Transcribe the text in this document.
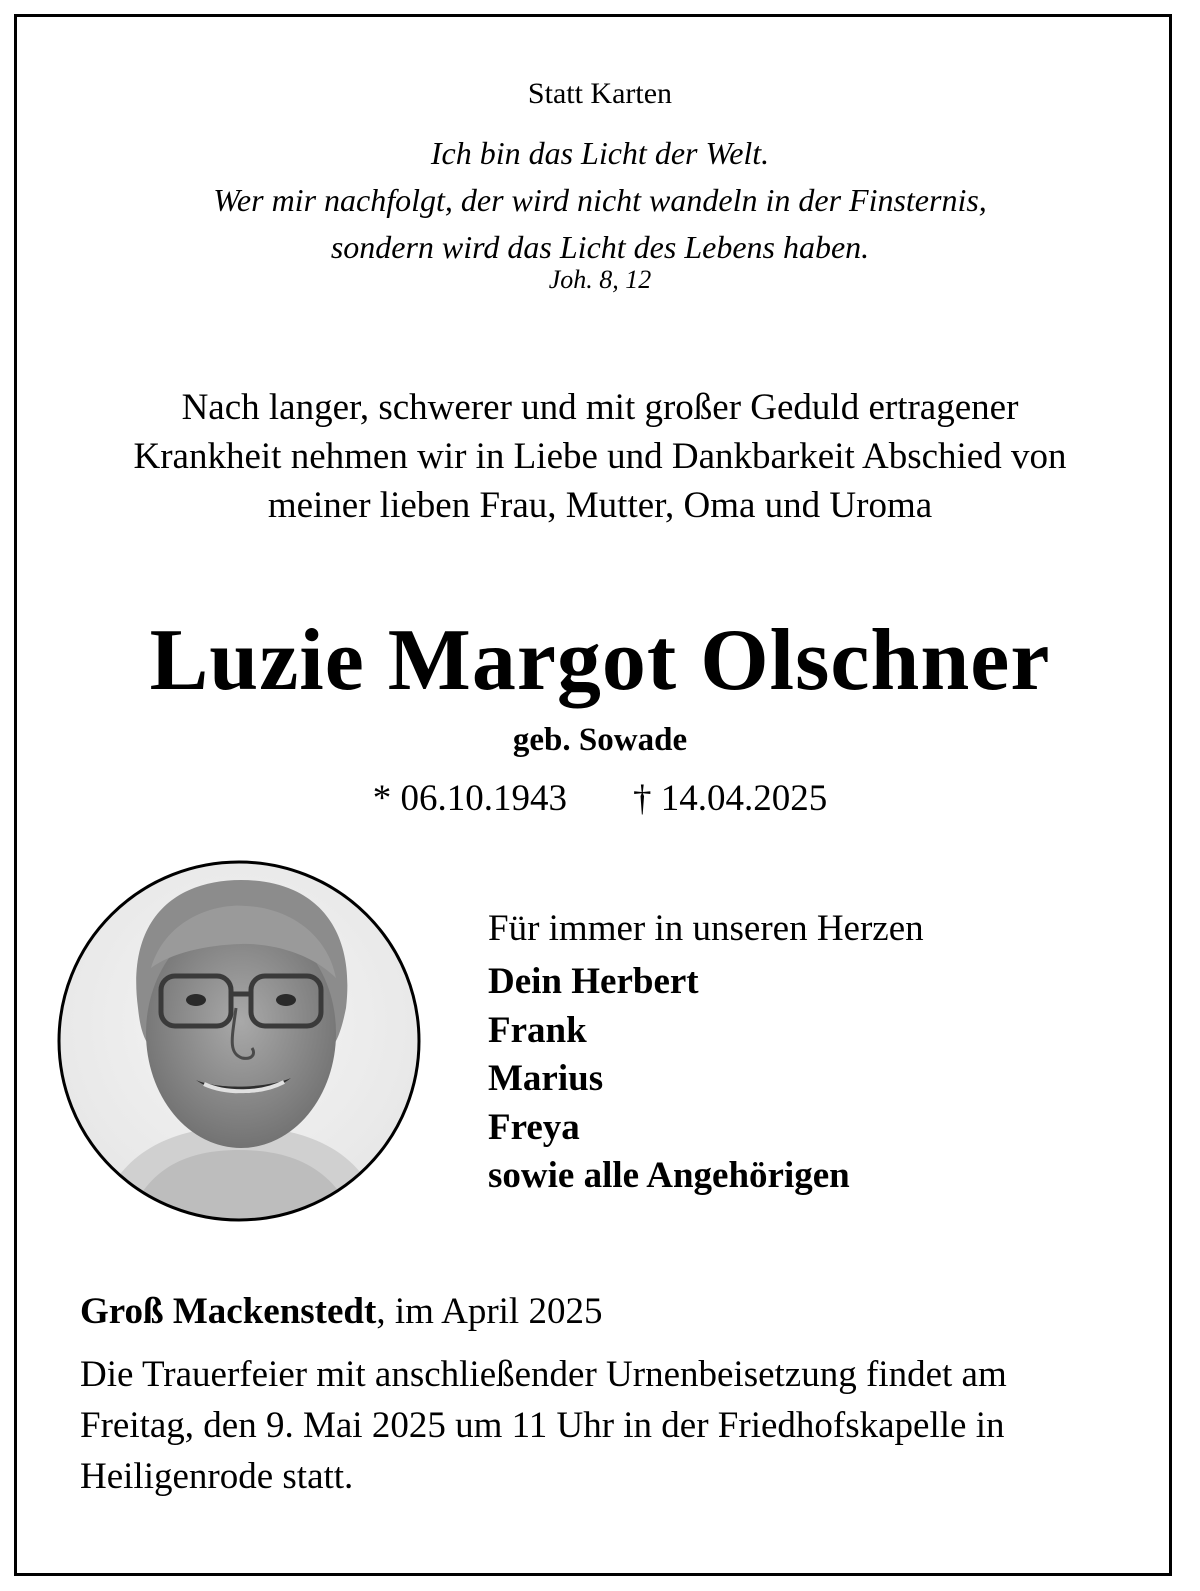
Statt Karten
Ich bin das Licht der Welt.
Wer mir nachfolgt, der wird nicht wandeln in der Finsternis,
sondern wird das Licht des Lebens haben.
Joh. 8, 12
Nach langer, schwerer und mit großer Geduld ertragener
Krankheit nehmen wir in Liebe und Dankbarkeit Abschied von
meiner lieben Frau, Mutter, Oma und Uroma
Luzie Margot Olschner
geb. Sowade
* 06.10.1943 † 14.04.2025
Für immer in unseren Herzen
Dein Herbert
Frank
Marius
Freya
sowie alle Angehörigen
Groß Mackenstedt, im April 2025
Die Trauerfeier mit anschließender Urnenbeisetzung findet am
Freitag, den 9. Mai 2025 um 11 Uhr in der Friedhofskapelle in
Heiligenrode statt.
